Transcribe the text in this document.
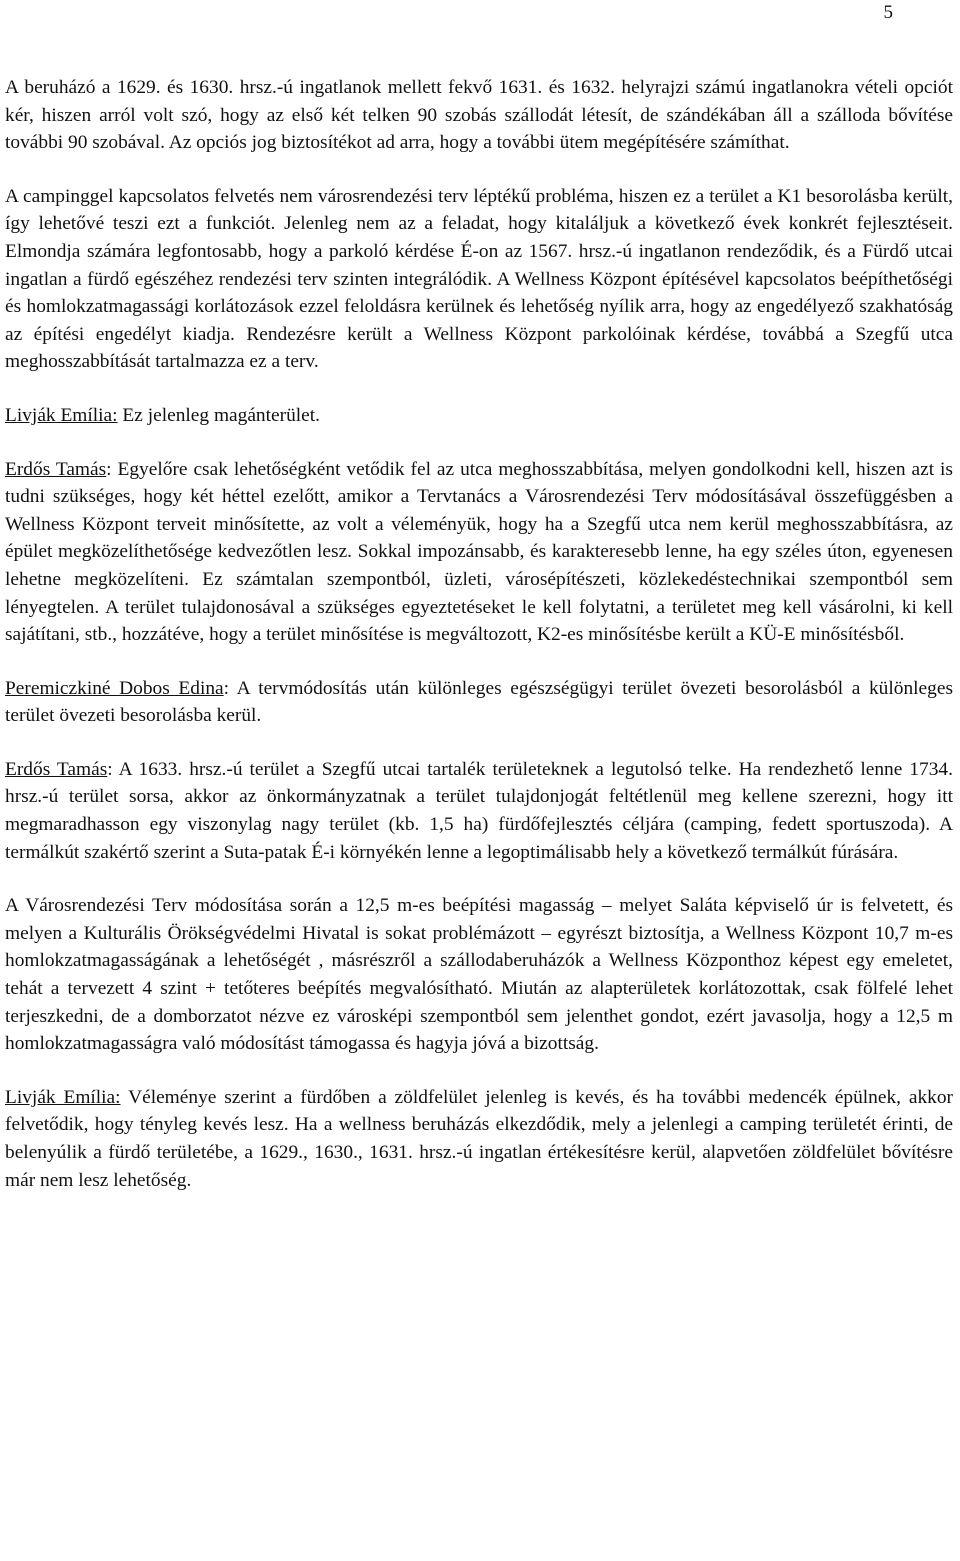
5

A beruházó a 1629. és 1630. hrsz.-ú ingatlanok mellett fekvő 1631. és 1632. helyrajzi számú ingatlanokra vételi opciót kér, hiszen arról volt szó, hogy az első két telken 90 szobás szállodát létesít, de szándékában áll a szálloda bővítése további 90 szobával. Az opciós jog biztosítékot ad arra, hogy a további ütem megépítésére számíthat.

A campinggel kapcsolatos felvetés nem városrendezési terv léptékű probléma, hiszen ez a terület a K1 besorolásba került, így lehetővé teszi ezt a funkciót. Jelenleg nem az a feladat, hogy kitaláljuk a következő évek konkrét fejlesztéseit. Elmondja számára legfontosabb, hogy a parkoló kérdése É-on az 1567. hrsz.-ú ingatlanon rendeződik, és a Fürdő utcai ingatlan a fürdő egészéhez rendezési terv szinten integrálódik. A Wellness Központ építésével kapcsolatos beépíthetőségi és homlokzatmagassági korlátozások ezzel feloldásra kerülnek és lehetőség nyílik arra, hogy az engedélyező szakhatóság az építési engedélyt kiadja. Rendezésre került a Wellness Központ parkolóinak kérdése, továbbá a Szegfű utca meghosszabbítását tartalmazza ez a terv.

Livják Emília: Ez jelenleg magánterület.

Erdős Tamás: Egyelőre csak lehetőségként vetődik fel az utca meghosszabbítása, melyen gondolkodni kell, hiszen azt is tudni szükséges, hogy két héttel ezelőtt, amikor a Tervtanács a Városrendezési Terv módosításával összefüggésben a Wellness Központ terveit minősítette, az volt a véleményük, hogy ha a Szegfű utca nem kerül meghosszabbításra, az épület megközelíthetősége kedvezőtlen lesz. Sokkal impozánsabb, és karakteresebb lenne, ha egy széles úton, egyenesen lehetne megközelíteni. Ez számtalan szempontból, üzleti, városépítészeti, közlekedéstechnikai szempontból sem lényegtelen. A terület tulajdonosával a szükséges egyeztetéseket le kell folytatni, a területet meg kell vásárolni, ki kell sajátítani, stb., hozzátéve, hogy a terület minősítése is megváltozott, K2-es minősítésbe került a KÜ-E minősítésből.

Peremiczkiné Dobos Edina: A tervmódosítás után különleges egészségügyi terület övezeti besorolásból a különleges terület övezeti besorolásba kerül.

Erdős Tamás: A 1633. hrsz.-ú terület a Szegfű utcai tartalék területeknek a legutolsó telke. Ha rendezhető lenne 1734. hrsz.-ú terület sorsa, akkor az önkormányzatnak a terület tulajdonjogát feltétlenül meg kellene szerezni, hogy itt megmaradhasson egy viszonylag nagy terület (kb. 1,5 ha) fürdőfejlesztés céljára (camping, fedett sportuszoda). A termálkút szakértő szerint a Suta-patak É-i környékén lenne a legoptimálisabb hely a következő termálkút fúrására.

A Városrendezési Terv módosítása során a 12,5 m-es beépítési magasság – melyet Saláta képviselő úr is felvetett, és melyen a Kulturális Örökségvédelmi Hivatal is sokat problémázott – egyrészt biztosítja, a Wellness Központ 10,7 m-es homlokzatmagasságának a lehetőségét , másrészről a szállodaberuházók a Wellness Központhoz képest egy emeletet, tehát a tervezett 4 szint + tetőteres beépítés megvalósítható. Miután az alapterületek korlátozottak, csak fölfelé lehet terjeszkedni, de a domborzatot nézve ez városképi szempontból sem jelenthet gondot, ezért javasolja, hogy a 12,5 m homlokzatmagasságra való módosítást támogassa és hagyja jóvá a bizottság.

Livják Emília: Véleménye szerint a fürdőben a zöldfelület jelenleg is kevés, és ha további medencék épülnek, akkor felvetődik, hogy tényleg kevés lesz. Ha a wellness beruházás elkezdődik, mely a jelenlegi a camping területét érinti, de belenyúlik a fürdő területébe, a 1629., 1630., 1631. hrsz.-ú ingatlan értékesítésre kerül, alapvetően zöldfelület bővítésre már nem lesz lehetőség.
